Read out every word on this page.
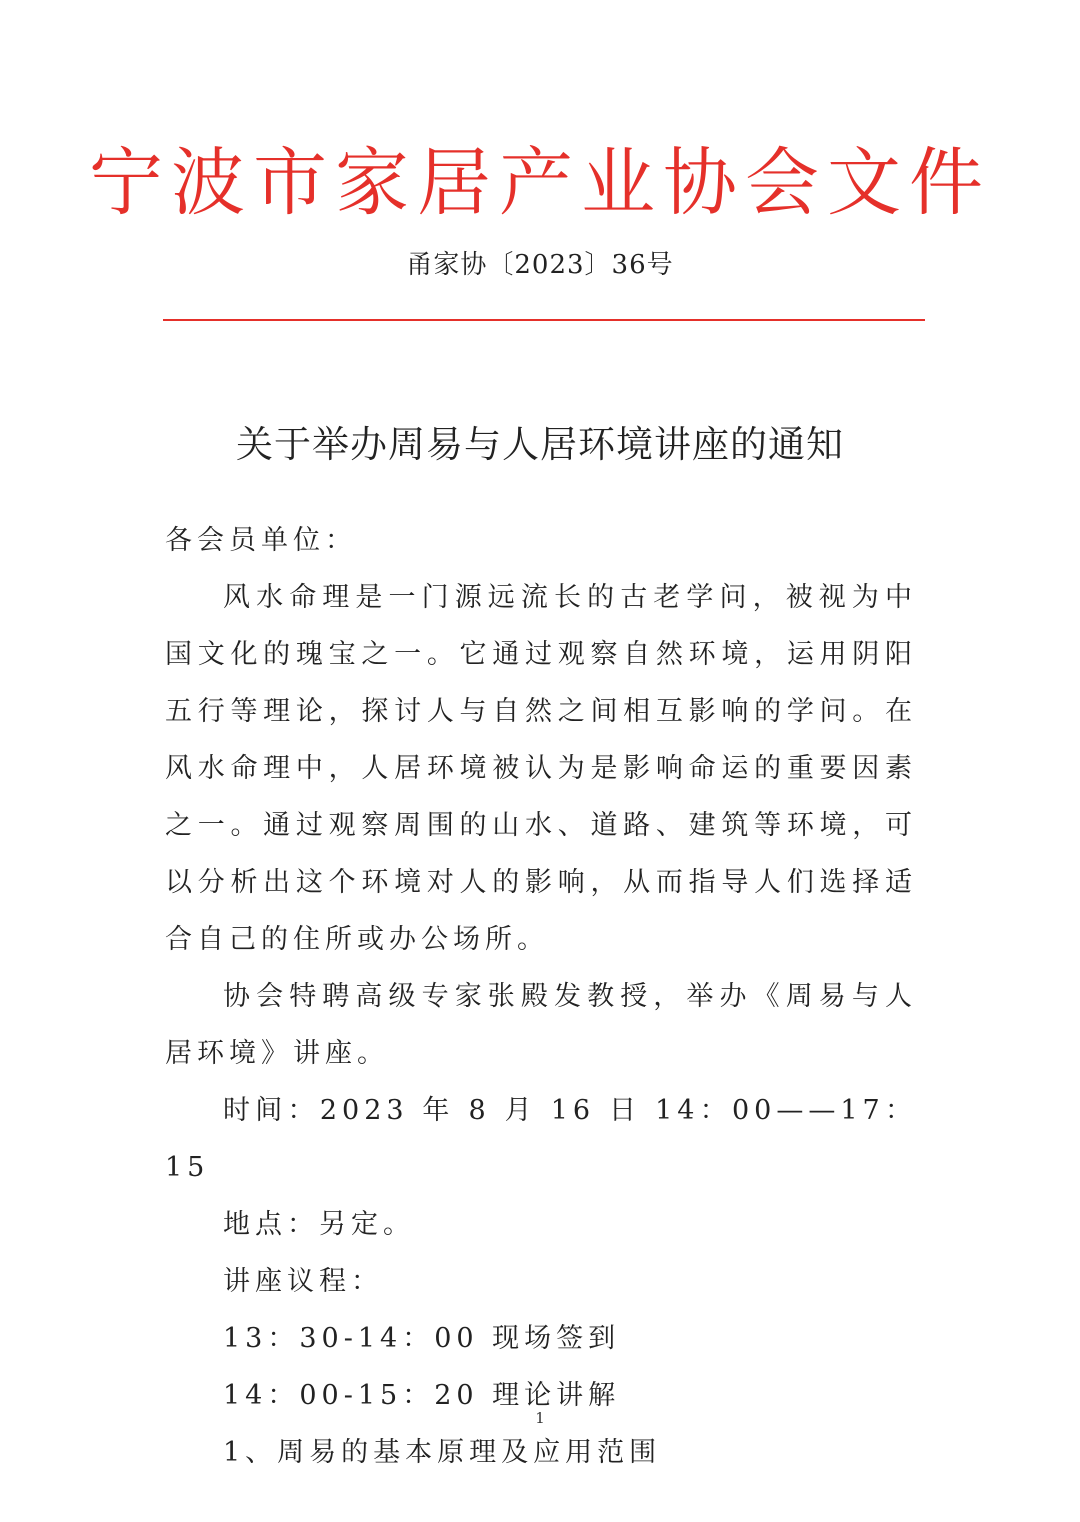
宁波市家居产业协会文件
甬家协〔2023〕36号
关于举办周易与人居环境讲座的通知

各会员单位：

风水命理是一门源远流长的古老学问，被视为中国文化的瑰宝之一。它通过观察自然环境，运用阴阳五行等理论，探讨人与自然之间相互影响的学问。在风水命理中，人居环境被认为是影响命运的重要因素之一。通过观察周围的山水、道路、建筑等环境，可以分析出这个环境对人的影响，从而指导人们选择适合自己的住所或办公场所。

协会特聘高级专家张殿发教授，举办《周易与人居环境》讲座。

时间：2023 年 8 月 16 日 14：00——17：15

地点：另定。

讲座议程：

13：30-14：00 现场签到

14：00-15：20 理论讲解

1、周易的基本原理及应用范围

1
